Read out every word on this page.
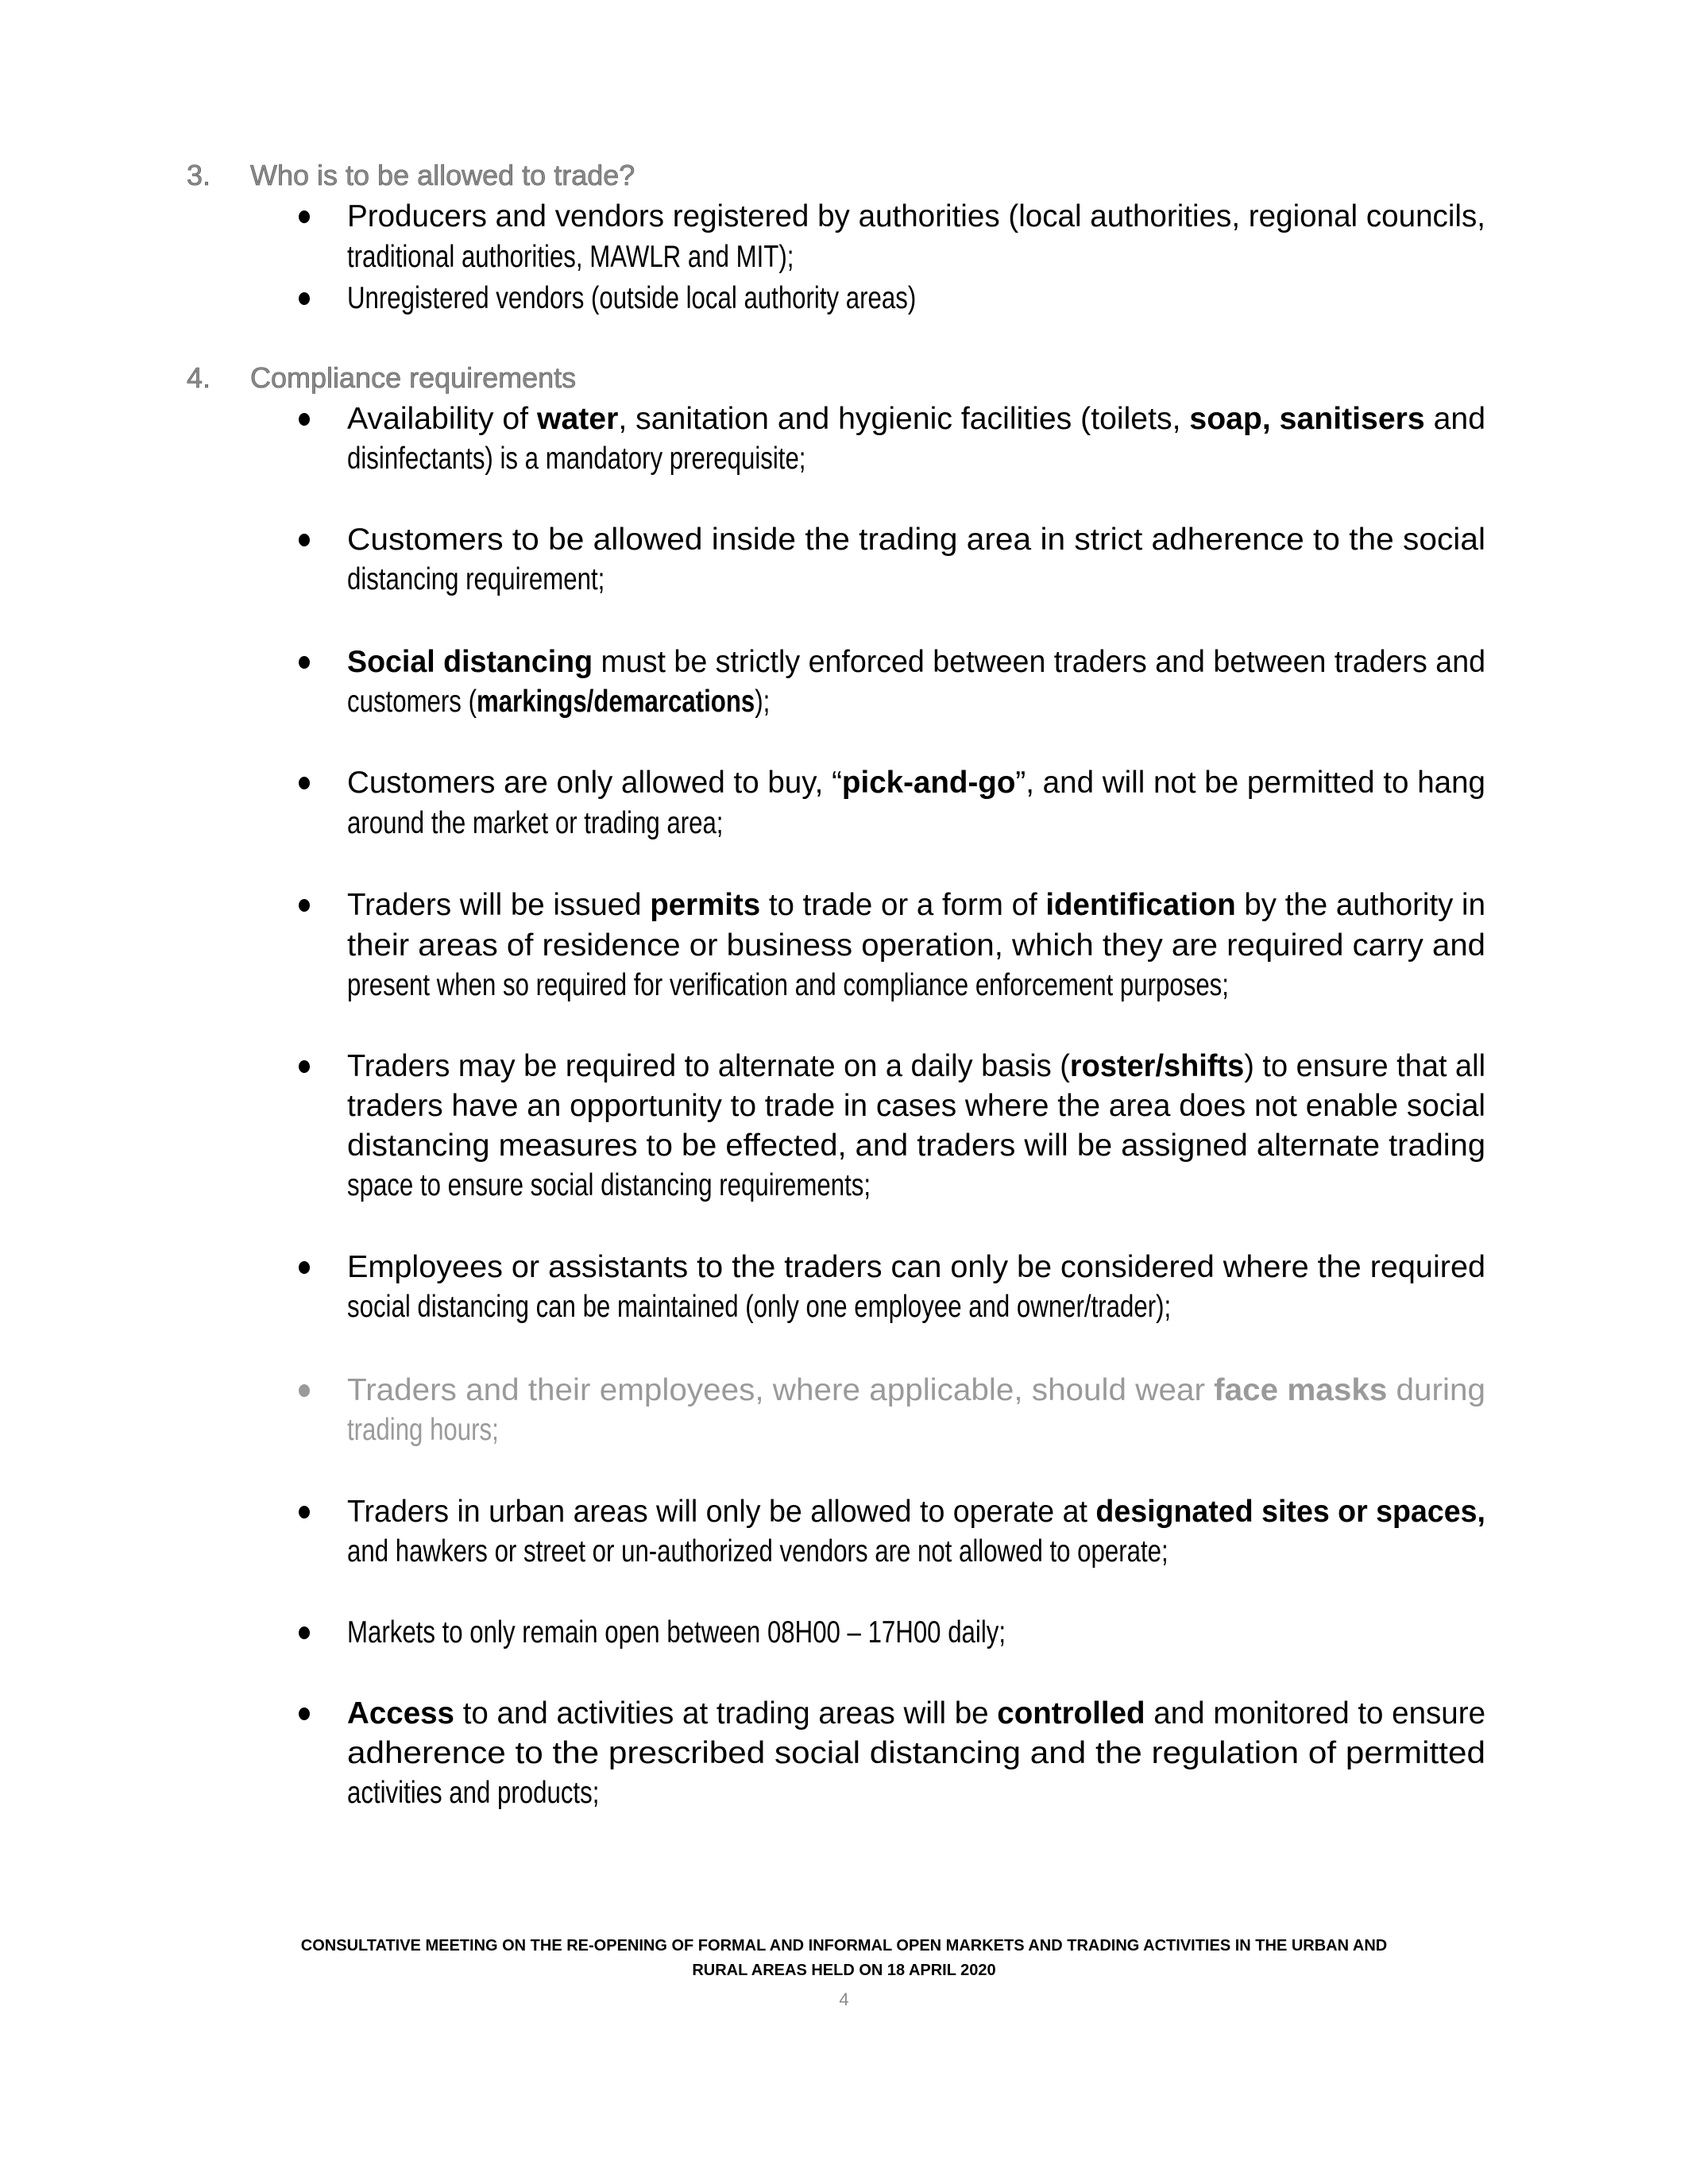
3. Who is to be allowed to trade?
Producers and vendors registered by authorities (local authorities, regional councils,
traditional authorities, MAWLR and MIT);
Unregistered vendors (outside local authority areas)
4. Compliance requirements
Availability of water, sanitation and hygienic facilities (toilets, soap, sanitisers and
disinfectants) is a mandatory prerequisite;
Customers to be allowed inside the trading area in strict adherence to the social
distancing requirement;
Social distancing must be strictly enforced between traders and between traders and
customers (markings/demarcations);
Customers are only allowed to buy, “pick-and-go”, and will not be permitted to hang
around the market or trading area;
Traders will be issued permits to trade or a form of identification by the authority in
their areas of residence or business operation, which they are required carry and
present when so required for verification and compliance enforcement purposes;
Traders may be required to alternate on a daily basis (roster/shifts) to ensure that all
traders have an opportunity to trade in cases where the area does not enable social
distancing measures to be effected, and traders will be assigned alternate trading
space to ensure social distancing requirements;
Employees or assistants to the traders can only be considered where the required
social distancing can be maintained (only one employee and owner/trader);
Traders and their employees, where applicable, should wear face masks during
trading hours;
Traders in urban areas will only be allowed to operate at designated sites or spaces,
and hawkers or street or un-authorized vendors are not allowed to operate;
Markets to only remain open between 08H00 – 17H00 daily;
Access to and activities at trading areas will be controlled and monitored to ensure
adherence to the prescribed social distancing and the regulation of permitted
activities and products;
CONSULTATIVE MEETING ON THE RE-OPENING OF FORMAL AND INFORMAL OPEN MARKETS AND TRADING ACTIVITIES IN THE URBAN AND
RURAL AREAS HELD ON 18 APRIL 2020
4
